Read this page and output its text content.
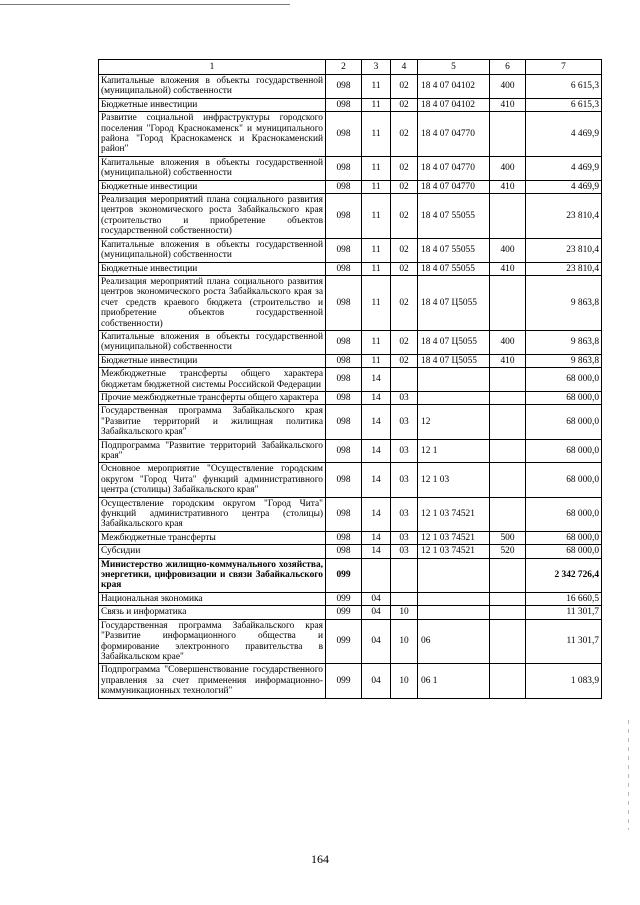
1	2	3	4	5	6	7
Капитальные вложения в объекты государственной (муниципальной) собственности	098	11	02	18 4 07 04102	400	6 615,3
Бюджетные инвестиции	098	11	02	18 4 07 04102	410	6 615,3
Развитие социальной инфраструктуры городского поселения "Город Краснокаменск" и муниципального района "Город Краснокаменск и Краснокаменский район"	098	11	02	18 4 07 04770		4 469,9
Капитальные вложения в объекты государственной (муниципальной) собственности	098	11	02	18 4 07 04770	400	4 469,9
Бюджетные инвестиции	098	11	02	18 4 07 04770	410	4 469,9
Реализация мероприятий плана социального развития центров экономического роста Забайкальского края (строительство и приобретение объектов государственной собственности)	098	11	02	18 4 07 55055		23 810,4
Капитальные вложения в объекты государственной (муниципальной) собственности	098	11	02	18 4 07 55055	400	23 810,4
Бюджетные инвестиции	098	11	02	18 4 07 55055	410	23 810,4
Реализация мероприятий плана социального развития центров экономического роста Забайкальского края за счет средств краевого бюджета (строительство и приобретение объектов государственной собственности)	098	11	02	18 4 07 Ц5055		9 863,8
Капитальные вложения в объекты государственной (муниципальной) собственности	098	11	02	18 4 07 Ц5055	400	9 863,8
Бюджетные инвестиции	098	11	02	18 4 07 Ц5055	410	9 863,8
Межбюджетные трансферты общего характера бюджетам бюджетной системы Российской Федерации	098	14				68 000,0
Прочие межбюджетные трансферты общего характера	098	14	03			68 000,0
Государственная программа Забайкальского края "Развитие территорий и жилищная политика Забайкальского края"	098	14	03	12		68 000,0
Подпрограмма "Развитие территорий Забайкальского края"	098	14	03	12 1		68 000,0
Основное мероприятие "Осуществление городским округом "Город Чита" функций административного центра (столицы) Забайкальского края"	098	14	03	12 1 03		68 000,0
Осуществление городским округом "Город Чита" функций административного центра (столицы) Забайкальского края	098	14	03	12 1 03 74521		68 000,0
Межбюджетные трансферты	098	14	03	12 1 03 74521	500	68 000,0
Субсидии	098	14	03	12 1 03 74521	520	68 000,0
Министерство жилищно-коммунального хозяйства, энергетики, цифровизации и связи Забайкальского края	099					2 342 726,4
Национальная экономика	099	04				16 660,5
Связь и информатика	099	04	10			11 301,7
Государственная программа Забайкальского края "Развитие информационного общества и формирование электронного правительства в Забайкальском крае"	099	04	10	06		11 301,7
Подпрограмма "Совершенствование государственного управления за счет применения информационно-коммуникационных технологий"	099	04	10	06 1		1 083,9
164
